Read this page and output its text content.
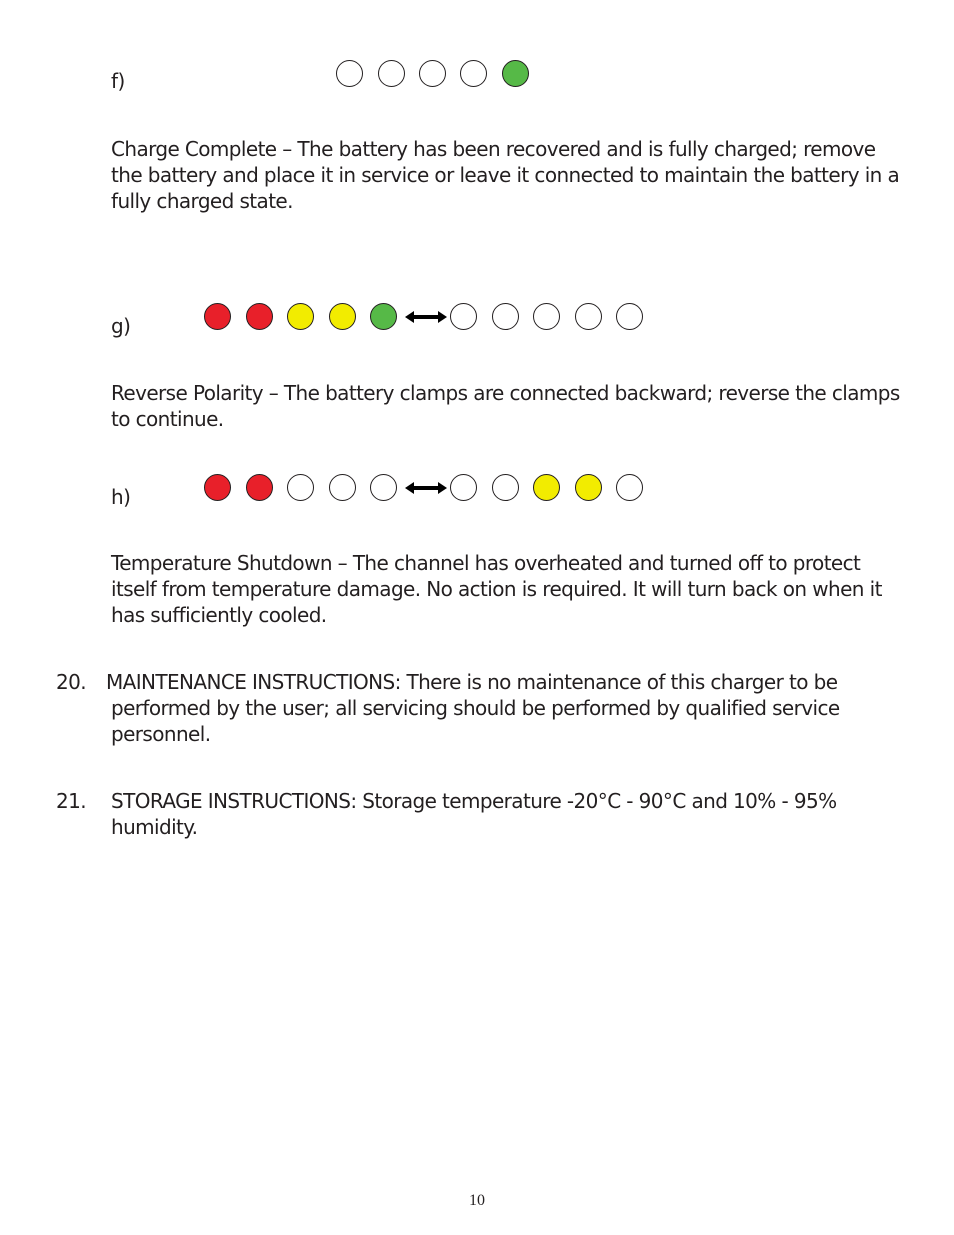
f)

Charge Complete – The battery has been recovered and is fully charged; remove the battery and place it in service or leave it connected to maintain the battery in a fully charged state.

g)

Reverse Polarity – The battery clamps are connected backward; reverse the clamps to continue.

h)

Temperature Shutdown – The channel has overheated and turned off to protect itself from temperature damage. No action is required. It will turn back on when it has sufficiently cooled.

20. MAINTENANCE INSTRUCTIONS: There is no maintenance of this charger to be performed by the user; all servicing should be performed by qualified service personnel.

21. STORAGE INSTRUCTIONS: Storage temperature -20°C - 90°C and 10% - 95% humidity.

10
